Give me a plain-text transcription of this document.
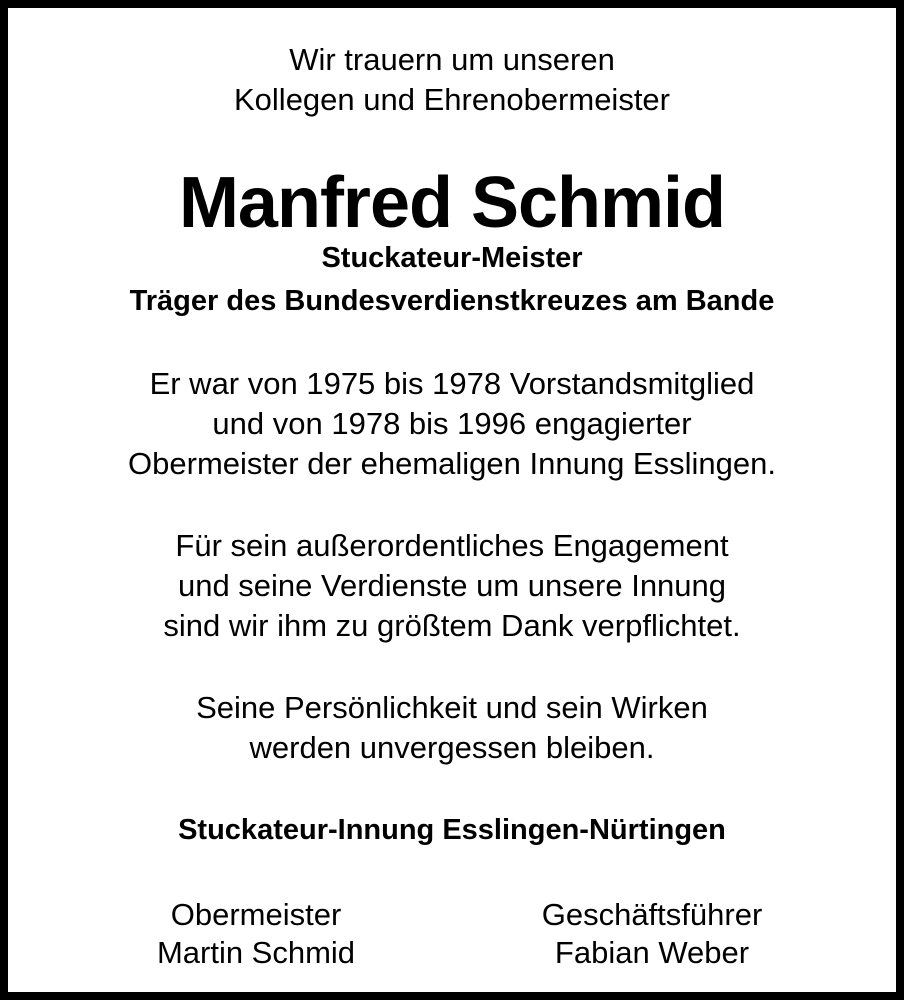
Wir trauern um unseren
Kollegen und Ehrenobermeister
Manfred Schmid
Stuckateur-Meister
Träger des Bundesverdienstkreuzes am Bande
Er war von 1975 bis 1978 Vorstandsmitglied
und von 1978 bis 1996 engagierter
Obermeister der ehemaligen Innung Esslingen.
Für sein außerordentliches Engagement
und seine Verdienste um unsere Innung
sind wir ihm zu größtem Dank verpflichtet.
Seine Persönlichkeit und sein Wirken
werden unvergessen bleiben.
Stuckateur-Innung Esslingen-Nürtingen
Obermeister
Martin Schmid
Geschäftsführer
Fabian Weber
